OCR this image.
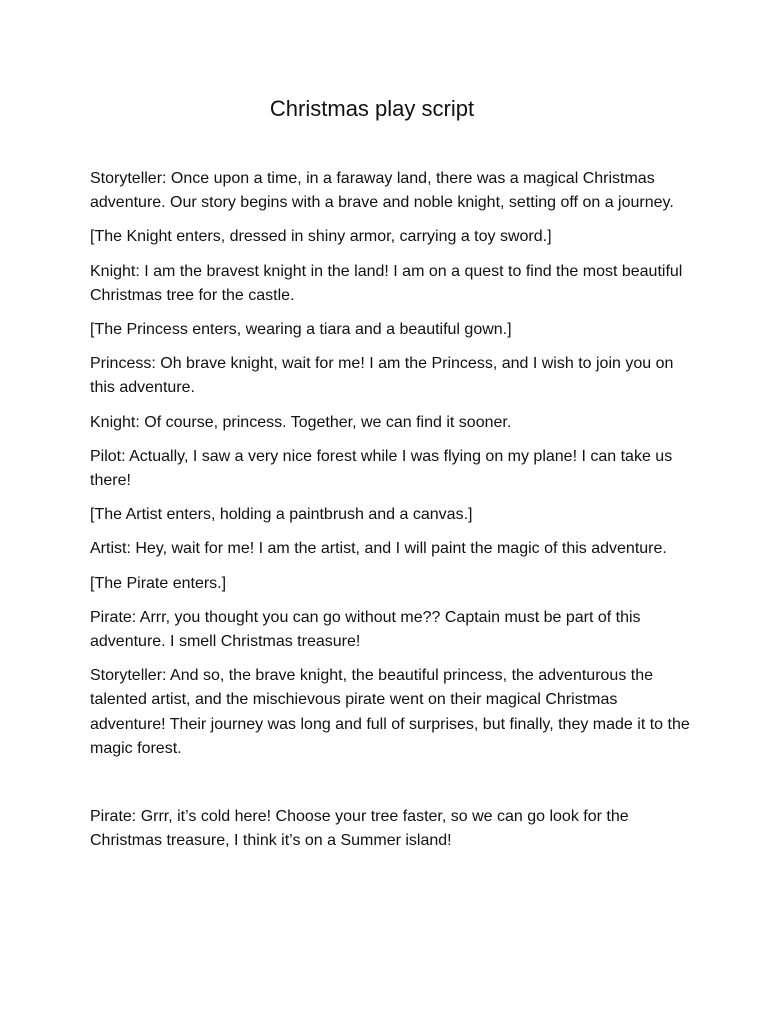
Christmas play script

Storyteller: Once upon a time, in a faraway land, there was a magical Christmas adventure. Our story begins with a brave and noble knight, setting off on a journey.

[The Knight enters, dressed in shiny armor, carrying a toy sword.]

Knight: I am the bravest knight in the land! I am on a quest to find the most beautiful Christmas tree for the castle.

[The Princess enters, wearing a tiara and a beautiful gown.]

Princess: Oh brave knight, wait for me! I am the Princess, and I wish to join you on this adventure.

Knight: Of course, princess. Together, we can find it sooner.

Pilot: Actually, I saw a very nice forest while I was flying on my plane! I can take us there!

[The Artist enters, holding a paintbrush and a canvas.]

Artist: Hey, wait for me! I am the artist, and I will paint the magic of this adventure.

[The Pirate enters.]

Pirate: Arrr, you thought you can go without me?? Captain must be part of this adventure. I smell Christmas treasure!

Storyteller: And so, the brave knight, the beautiful princess, the adventurous the talented artist, and the mischievous pirate went on their magical Christmas adventure! Their journey was long and full of surprises, but finally, they made it to the magic forest.

Pirate: Grrr, it’s cold here! Choose your tree faster, so we can go look for the Christmas treasure, I think it’s on a Summer island!
